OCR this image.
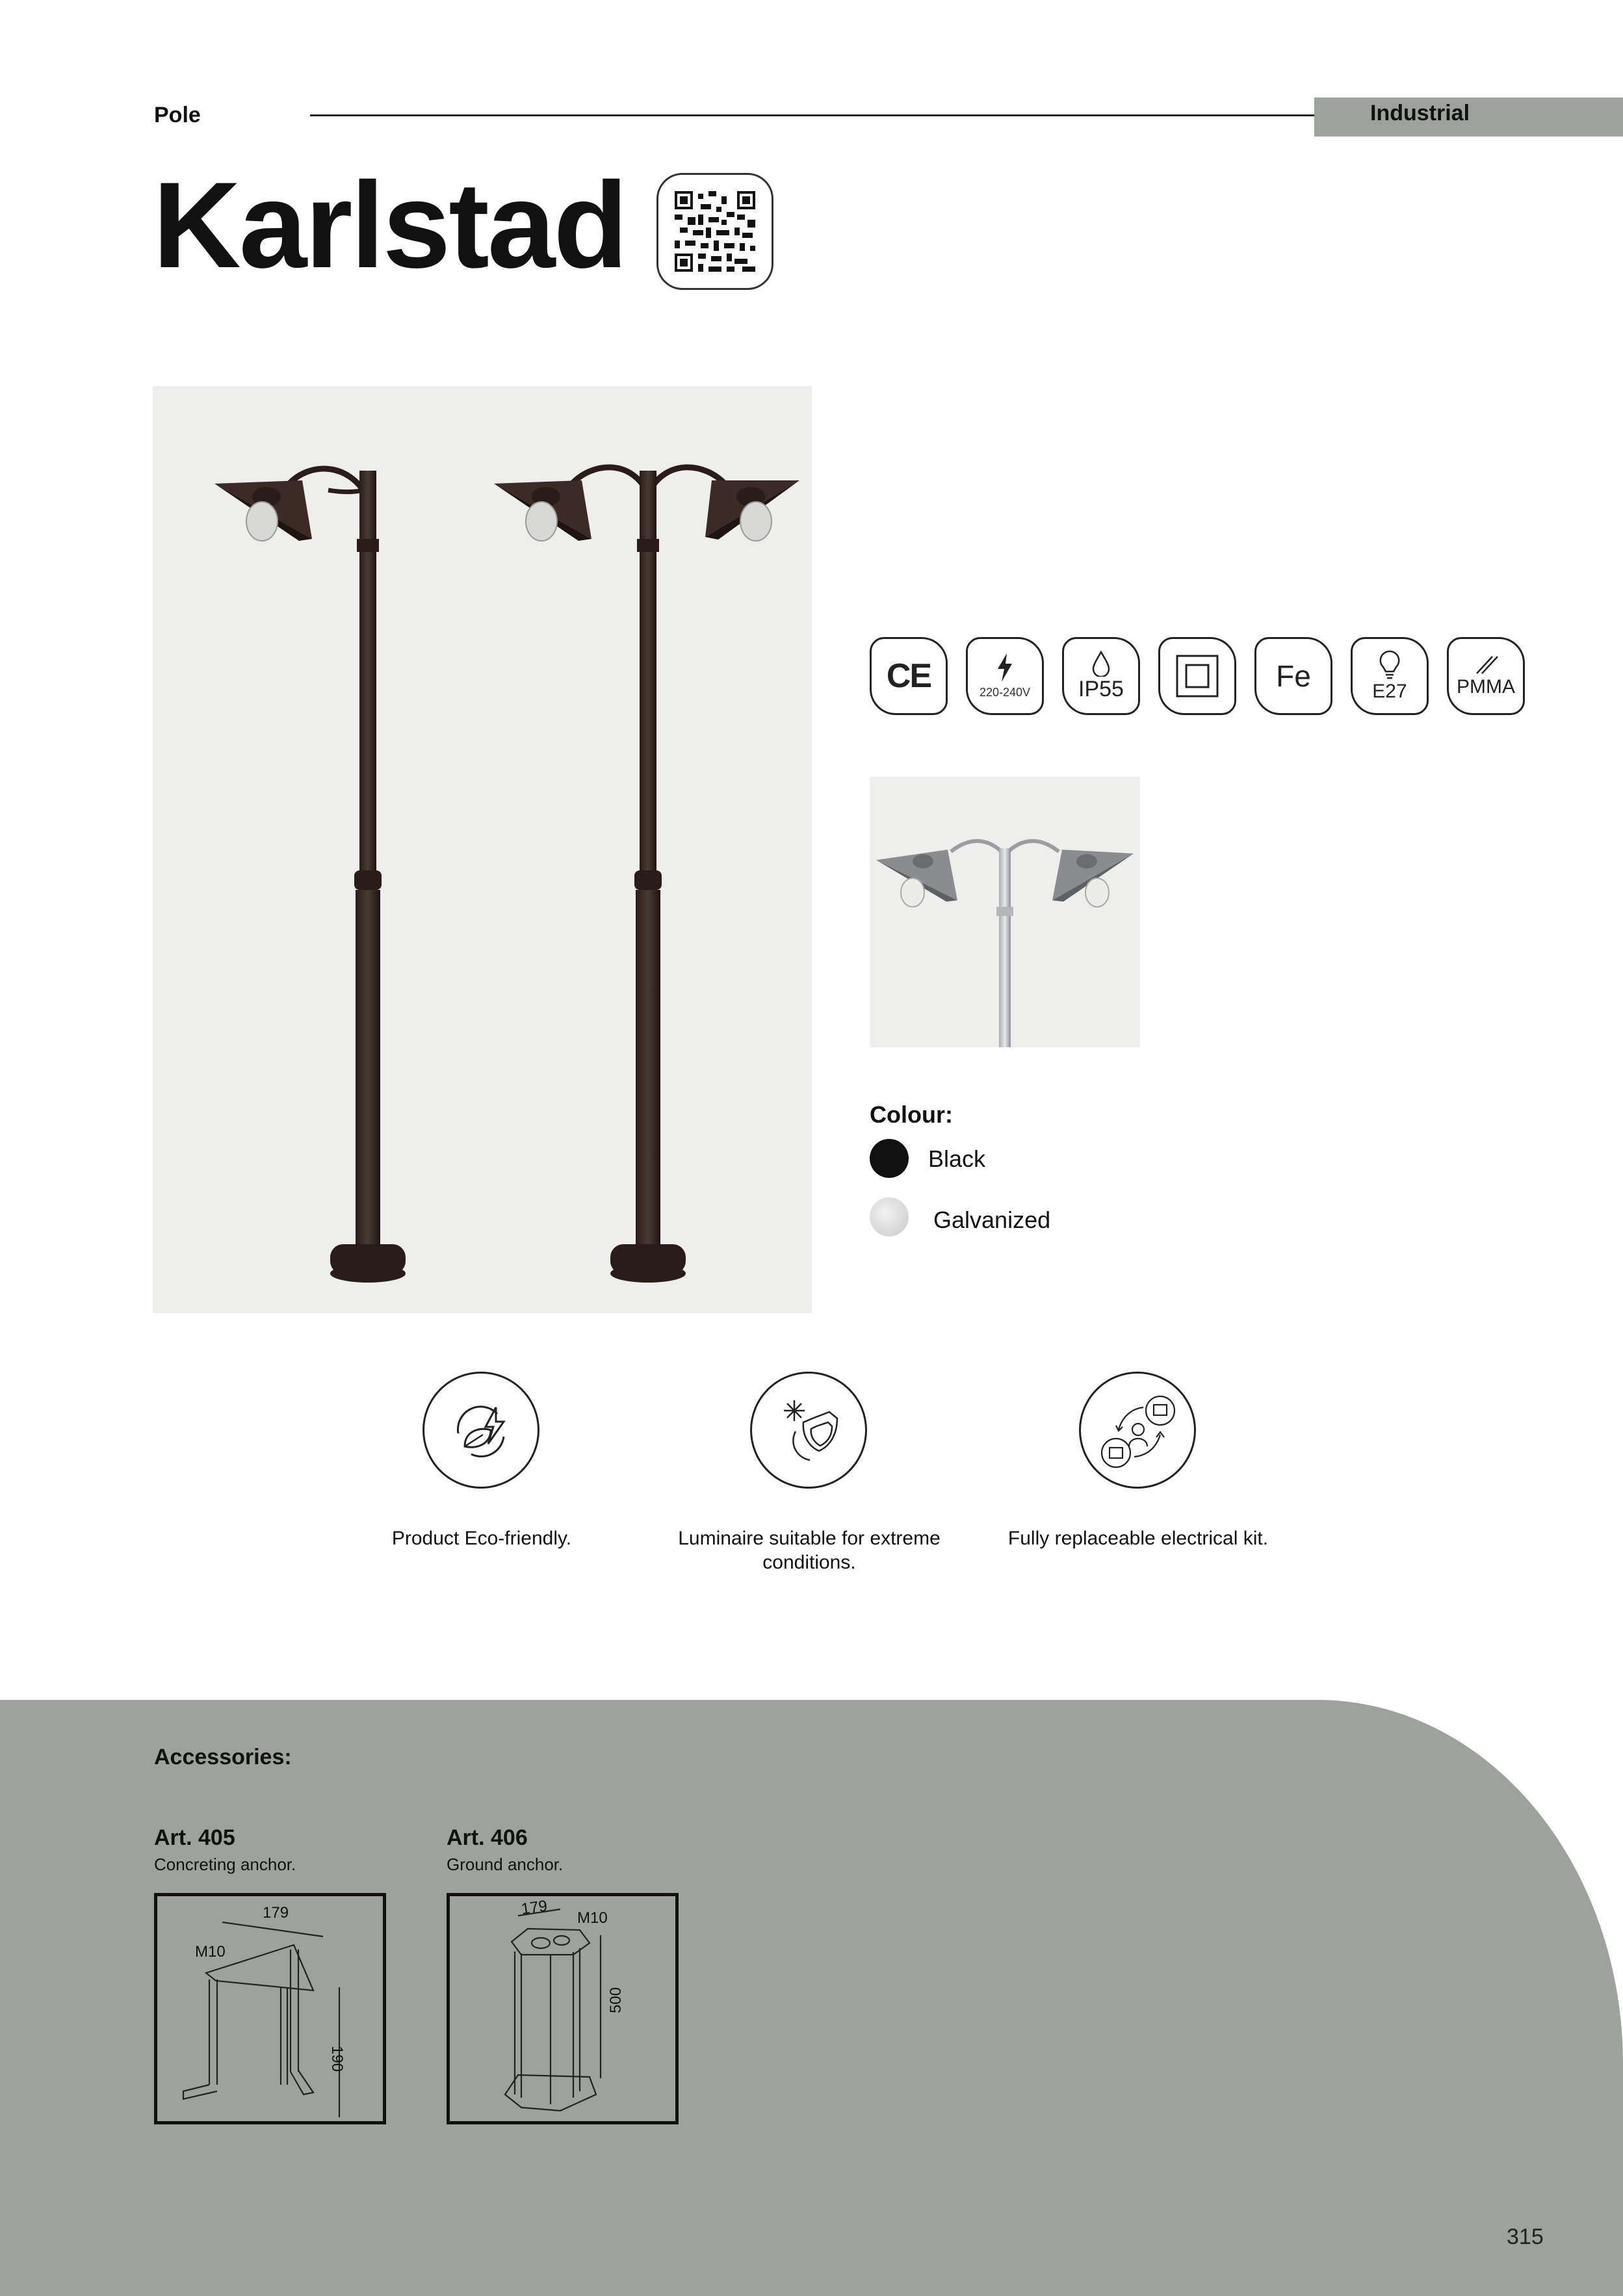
Pole	Industrial
Karlstad
CE	220-240V IP55	Fe	E27	PMMA
Colour:
Black
Galvanized
Product Eco-friendly.	Luminaire suitable for extreme conditions.
Fully replaceable electrical kit.
Accessories:
Art. 405
Concreting anchor.
179
M10
190
Art. 406
Ground anchor.
179 M10
500
315
